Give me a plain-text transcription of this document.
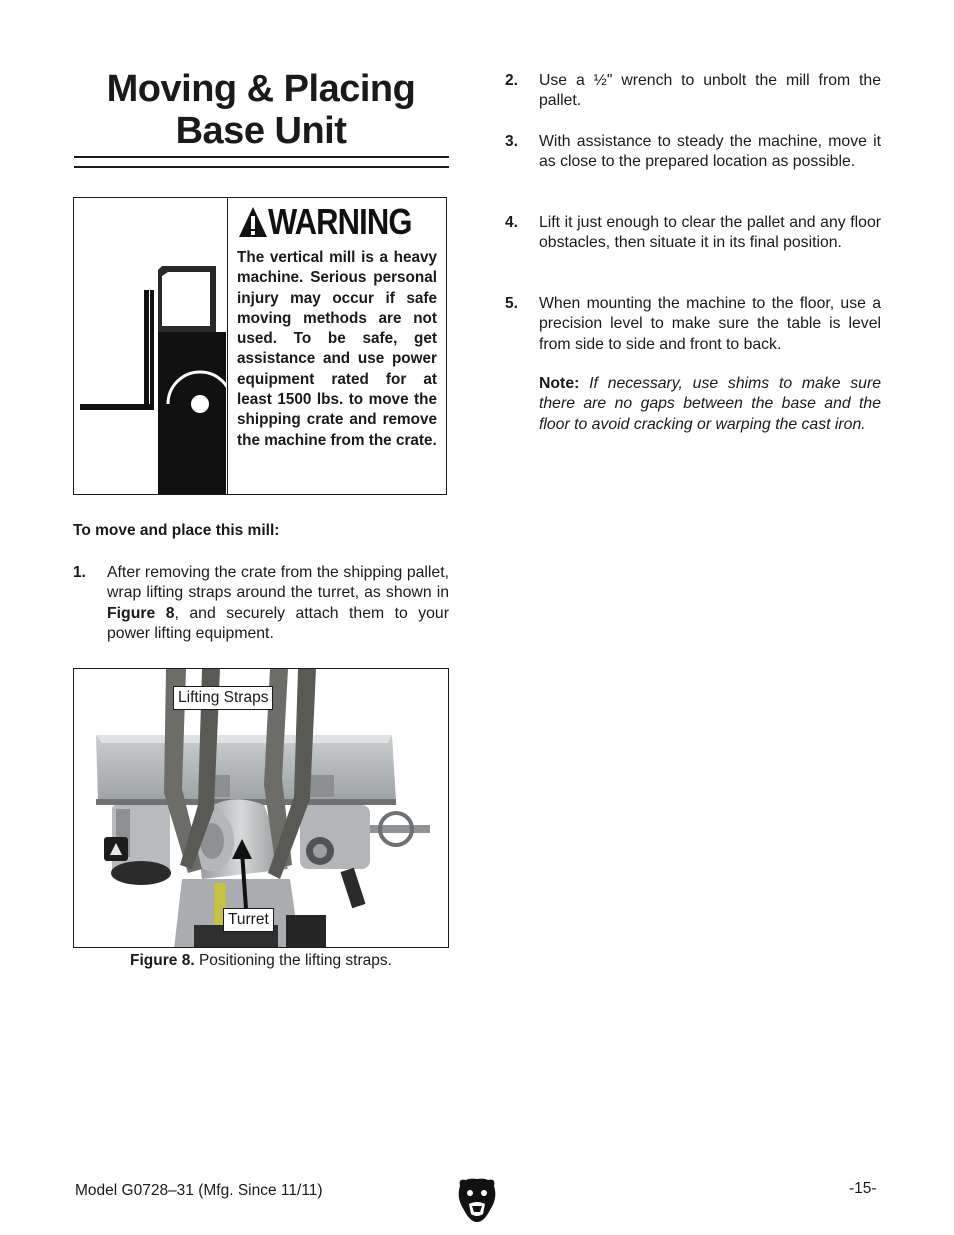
Moving & Placing
Base Unit
WARNING
The vertical mill is a heavy machine. Serious personal injury may occur if safe moving methods are not used. To be safe, get assistance and use power equipment rated for at least 1500 lbs. to move the shipping crate and remove the machine from the crate.
To move and place this mill:
1. After removing the crate from the shipping pallet, wrap lifting straps around the turret, as shown in Figure 8, and securely attach them to your power lifting equipment.
Lifting Straps
Turret
Figure 8. Positioning the lifting straps.
2. Use a ½" wrench to unbolt the mill from the pallet.
3. With assistance to steady the machine, move it as close to the prepared location as possible.
4. Lift it just enough to clear the pallet and any floor obstacles, then situate it in its final position.
5. When mounting the machine to the floor, use a precision level to make sure the table is level from side to side and front to back.
Note: If necessary, use shims to make sure there are no gaps between the base and the floor to avoid cracking or warping the cast iron.
Model G0728–31 (Mfg. Since 11/11)	-15-
